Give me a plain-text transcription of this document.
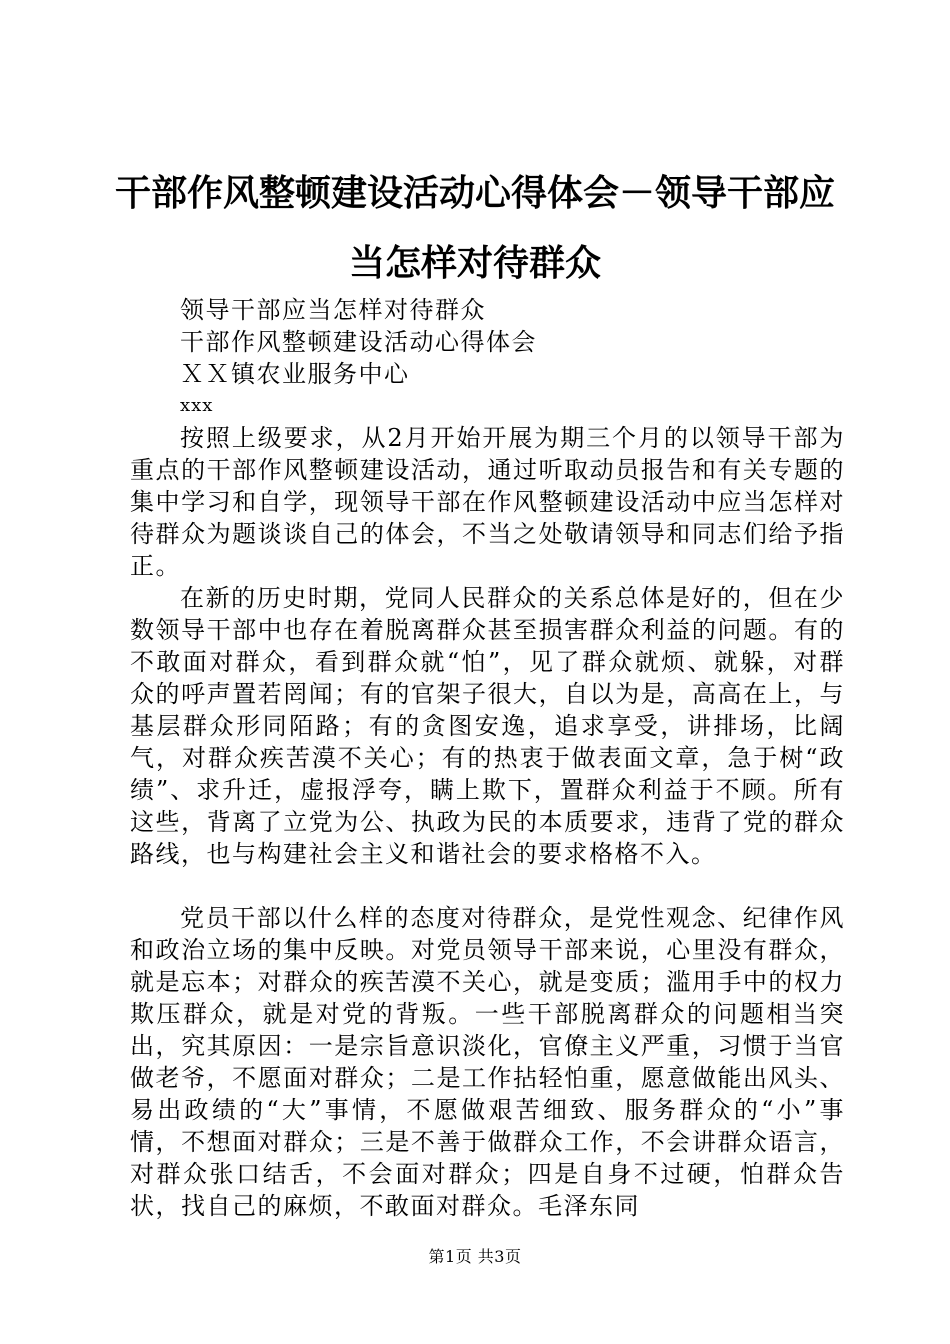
干部作风整顿建设活动心得体会－领导干部应当怎样对待群众
领导干部应当怎样对待群众
干部作风整顿建设活动心得体会
ＸＸ镇农业服务中心
xxx

按照上级要求，从2月开始开展为期三个月的以领导干部为重点的干部作风整顿建设活动，通过听取动员报告和有关专题的集中学习和自学，现领导干部在作风整顿建设活动中应当怎样对待群众为题谈谈自己的体会，不当之处敬请领导和同志们给予指正。

在新的历史时期，党同人民群众的关系总体是好的，但在少数领导干部中也存在着脱离群众甚至损害群众利益的问题。有的不敢面对群众，看到群众就“怕”，见了群众就烦、就躲，对群众的呼声置若罔闻；有的官架子很大，自以为是，高高在上，与基层群众形同陌路；有的贪图安逸，追求享受，讲排场，比阔气，对群众疾苦漠不关心；有的热衷于做表面文章，急于树“政绩”、求升迁，虚报浮夸，瞒上欺下，置群众利益于不顾。所有这些，背离了立党为公、执政为民的本质要求，违背了党的群众路线，也与构建社会主义和谐社会的要求格格不入。

党员干部以什么样的态度对待群众，是党性观念、纪律作风和政治立场的集中反映。对党员领导干部来说，心里没有群众，就是忘本；对群众的疾苦漠不关心，就是变质；滥用手中的权力欺压群众，就是对党的背叛。一些干部脱离群众的问题相当突出，究其原因：一是宗旨意识淡化，官僚主义严重，习惯于当官做老爷，不愿面对群众；二是工作拈轻怕重，愿意做能出风头、易出政绩的“大”事情，不愿做艰苦细致、服务群众的“小”事情，不想面对群众；三是不善于做群众工作，不会讲群众语言，对群众张口结舌，不会面对群众；四是自身不过硬，怕群众告状，找自己的麻烦，不敢面对群众。毛泽东同

第1页 共3页
